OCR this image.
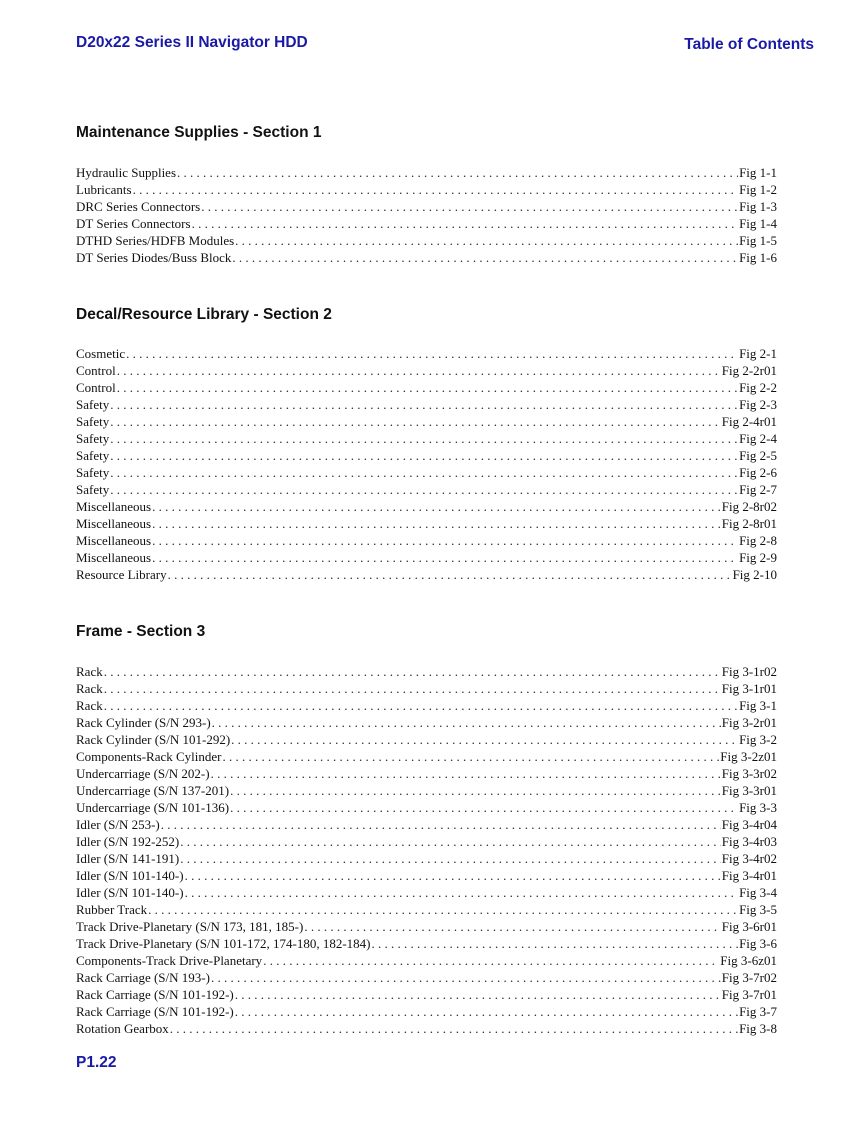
D20x22 Series II Navigator HDD	Table of Contents
Maintenance Supplies - Section 1
Hydraulic Supplies . . .	Fig 1-1
Lubricants . . .	Fig 1-2
DRC Series Connectors . . .	Fig 1-3
DT Series Connectors . . .	Fig 1-4
DTHD Series/HDFB Modules . . .	Fig 1-5
DT Series Diodes/Buss Block . . .	Fig 1-6
Decal/Resource Library - Section 2
Cosmetic . . .	Fig 2-1
Control . . .	Fig 2-2r01
Control . . .	Fig 2-2
Safety . . .	Fig 2-3
Safety . . .	Fig 2-4r01
Safety . . .	Fig 2-4
Safety . . .	Fig 2-5
Safety . . .	Fig 2-6
Safety . . .	Fig 2-7
Miscellaneous . . .	Fig 2-8r02
Miscellaneous . . .	Fig 2-8r01
Miscellaneous . . .	Fig 2-8
Miscellaneous . . .	Fig 2-9
Resource Library . . .	Fig 2-10
Frame - Section 3
Rack . . .	Fig 3-1r02
Rack . . .	Fig 3-1r01
Rack . . .	Fig 3-1
Rack Cylinder (S/N 293-) . . .	Fig 3-2r01
Rack Cylinder (S/N 101-292) . . .	Fig 3-2
Components-Rack Cylinder . . .	Fig 3-2z01
Undercarriage (S/N 202-) . . .	Fig 3-3r02
Undercarriage (S/N 137-201) . . .	Fig 3-3r01
Undercarriage (S/N 101-136) . . .	Fig 3-3
Idler (S/N 253-) . . .	Fig 3-4r04
Idler (S/N 192-252) . . .	Fig 3-4r03
Idler (S/N 141-191) . . .	Fig 3-4r02
Idler (S/N 101-140-) . . .	Fig 3-4r01
Idler (S/N 101-140-) . . .	Fig 3-4
Rubber Track . . .	Fig 3-5
Track Drive-Planetary (S/N 173, 181, 185-) . . .	Fig 3-6r01
Track Drive-Planetary (S/N 101-172, 174-180, 182-184) . . .	Fig 3-6
Components-Track Drive-Planetary . . .	Fig 3-6z01
Rack Carriage (S/N 193-) . . .	Fig 3-7r02
Rack Carriage (S/N 101-192-) . . .	Fig 3-7r01
Rack Carriage (S/N 101-192-) . . .	Fig 3-7
Rotation Gearbox . . .	Fig 3-8
P1.22
